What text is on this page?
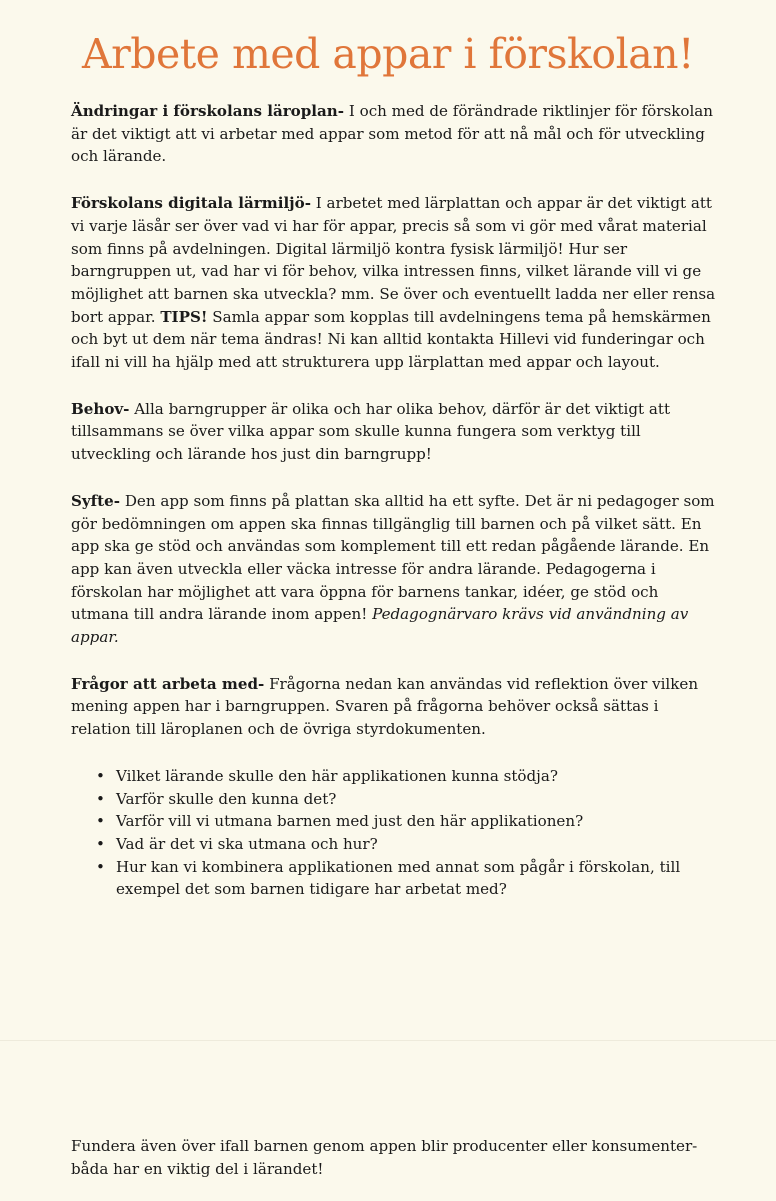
Arbete med appar i förskolan!

Ändringar i förskolans läroplan- I och med de förändrade riktlinjer för förskolan är det viktigt att vi arbetar med appar som metod för att nå mål och för utveckling och lärande.

Förskolans digitala lärmiljö- I arbetet med lärplattan och appar är det viktigt att vi varje läsår ser över vad vi har för appar, precis så som vi gör med vårat material som finns på avdelningen. Digital lärmiljö kontra fysisk lärmiljö! Hur ser barngruppen ut, vad har vi för behov, vilka intressen finns, vilket lärande vill vi ge möjlighet att barnen ska utveckla? mm. Se över och eventuellt ladda ner eller rensa bort appar. TIPS! Samla appar som kopplas till avdelningens tema på hemskärmen och byt ut dem när tema ändras! Ni kan alltid kontakta Hillevi vid funderingar och ifall ni vill ha hjälp med att strukturera upp lärplattan med appar och layout.

Behov- Alla barngrupper är olika och har olika behov, därför är det viktigt att tillsammans se över vilka appar som skulle kunna fungera som verktyg till utveckling och lärande hos just din barngrupp!

Syfte- Den app som finns på plattan ska alltid ha ett syfte. Det är ni pedagoger som gör bedömningen om appen ska finnas tillgänglig till barnen och på vilket sätt. En app ska ge stöd och användas som komplement till ett redan pågående lärande. En app kan även utveckla eller väcka intresse för andra lärande. Pedagogerna i förskolan har möjlighet att vara öppna för barnens tankar, idéer, ge stöd och utmana till andra lärande inom appen! Pedagognärvaro krävs vid användning av appar.

Frågor att arbeta med- Frågorna nedan kan användas vid reflektion över vilken mening appen har i barngruppen. Svaren på frågorna behöver också sättas i relation till läroplanen och de övriga styrdokumenten.

• Vilket lärande skulle den här applikationen kunna stödja?
• Varför skulle den kunna det?
• Varför vill vi utmana barnen med just den här applikationen?
• Vad är det vi ska utmana och hur?
• Hur kan vi kombinera applikationen med annat som pågår i förskolan, till exempel det som barnen tidigare har arbetat med?

Fundera även över ifall barnen genom appen blir producenter eller konsumenter- båda har en viktig del i lärandet!
